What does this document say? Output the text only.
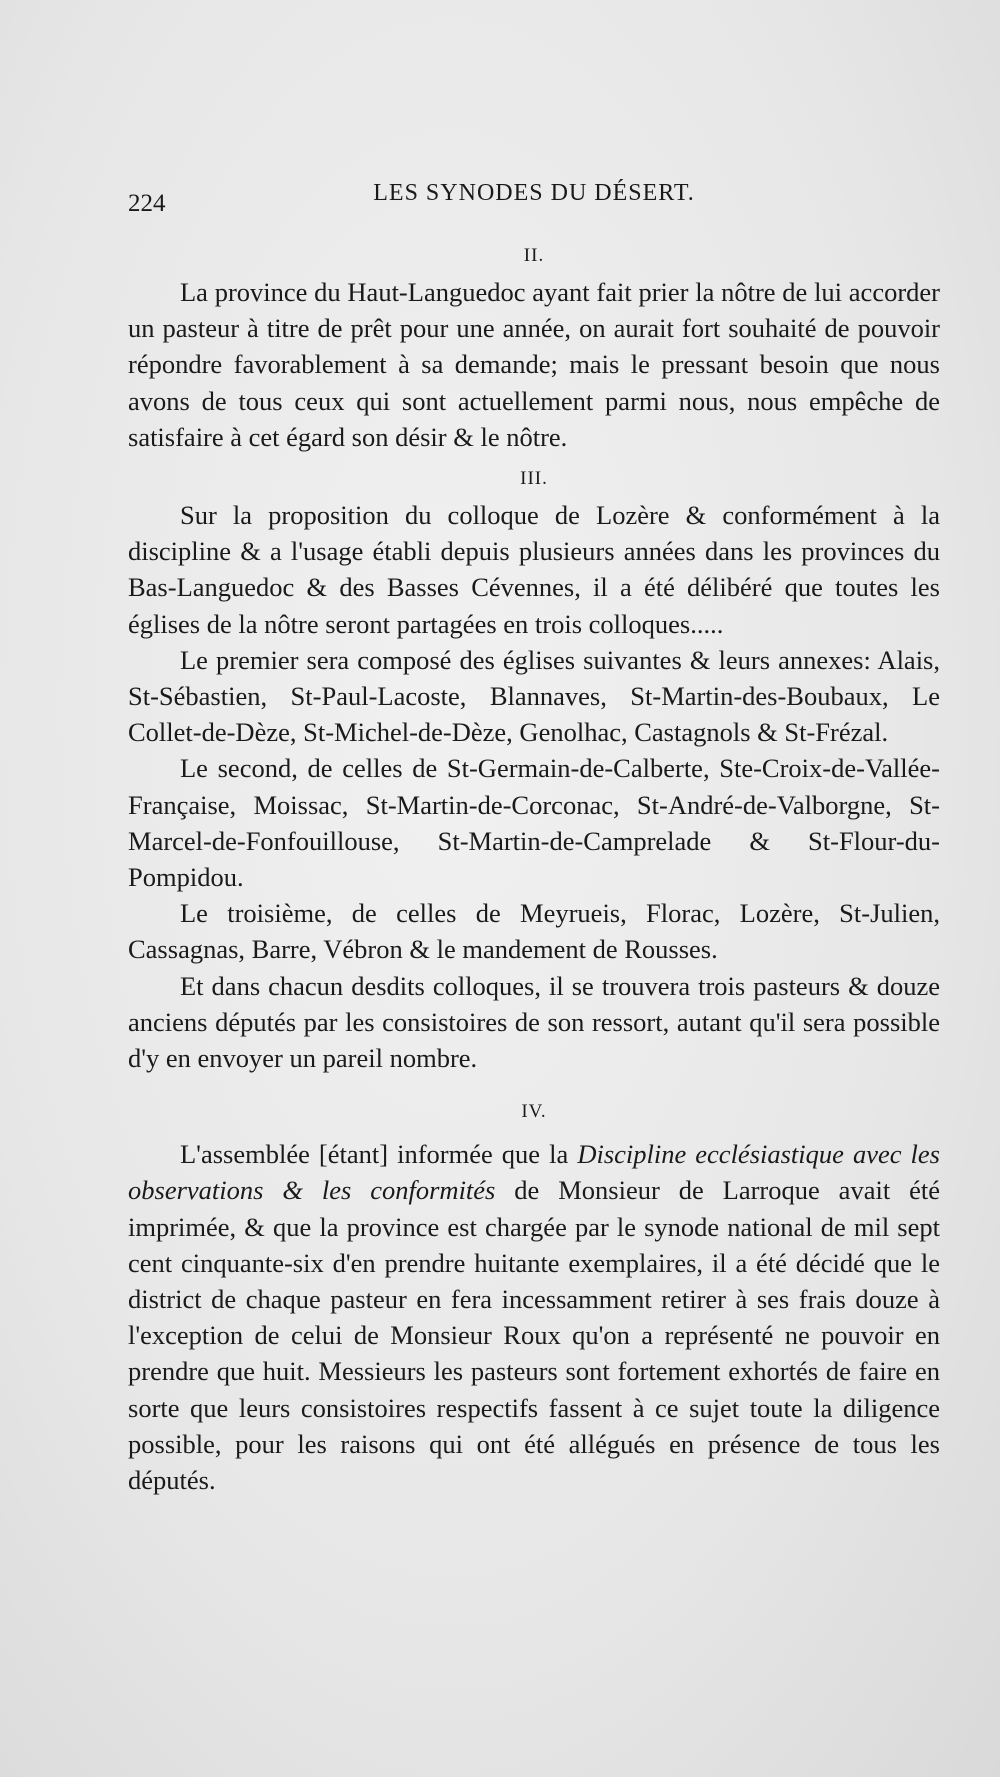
224	LES SYNODES DU DÉSERT.

II.

La province du Haut-Languedoc ayant fait prier la nôtre de lui accorder un pasteur à titre de prêt pour une année, on aurait fort souhaité de pouvoir répondre favorablement à sa demande; mais le pressant besoin que nous avons de tous ceux qui sont actuellement parmi nous, nous empêche de satisfaire à cet égard son désir & le nôtre.

III.

Sur la proposition du colloque de Lozère & conformément à la discipline & a l'usage établi depuis plusieurs années dans les provinces du Bas-Languedoc & des Basses Cévennes, il a été délibéré que toutes les églises de la nôtre seront partagées en trois colloques.....

Le premier sera composé des églises suivantes & leurs annexes: Alais, St-Sébastien, St-Paul-Lacoste, Blannaves, St-Martin-des-Boubaux, Le Collet-de-Dèze, St-Michel-de-Dèze, Genolhac, Castagnols & St-Frézal.

Le second, de celles de St-Germain-de-Calberte, Ste-Croix-de-Vallée-Française, Moissac, St-Martin-de-Corconac, St-André-de-Valborgne, St-Marcel-de-Fonfouillouse, St-Martin-de-Camprelade & St-Flour-du-Pompidou.

Le troisième, de celles de Meyrueis, Florac, Lozère, St-Julien, Cassagnas, Barre, Vébron & le mandement de Rousses.

Et dans chacun desdits colloques, il se trouvera trois pasteurs & douze anciens députés par les consistoires de son ressort, autant qu'il sera possible d'y en envoyer un pareil nombre.

IV.

L'assemblée [étant] informée que la Discipline ecclésiastique avec les observations & les conformités de Monsieur de Larroque avait été imprimée, & que la province est chargée par le synode national de mil sept cent cinquante-six d'en prendre huitante exemplaires, il a été décidé que le district de chaque pasteur en fera incessamment retirer à ses frais douze à l'exception de celui de Monsieur Roux qu'on a représenté ne pouvoir en prendre que huit. Messieurs les pasteurs sont fortement exhortés de faire en sorte que leurs consistoires respectifs fassent à ce sujet toute la diligence possible, pour les raisons qui ont été allégués en présence de tous les députés.
